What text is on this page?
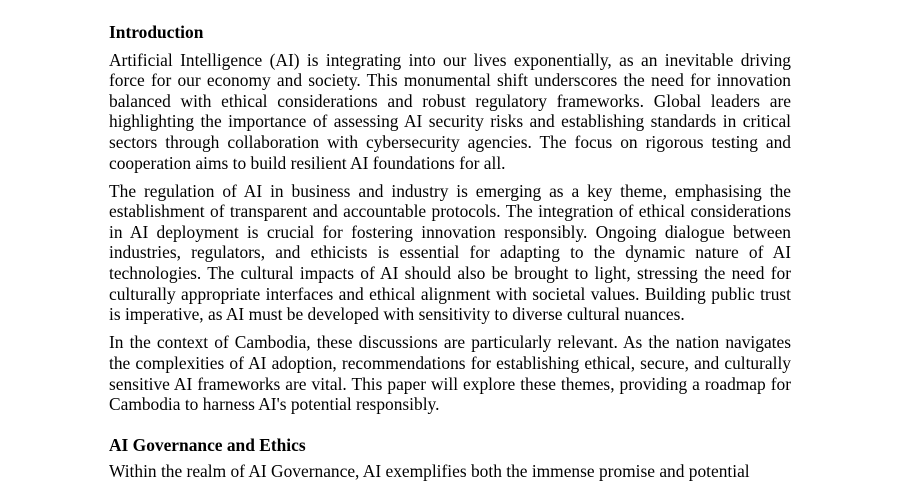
Introduction

Artificial Intelligence (AI) is integrating into our lives exponentially, as an inevitable driving force for our economy and society. This monumental shift underscores the need for innovation balanced with ethical considerations and robust regulatory frameworks. Global leaders are highlighting the importance of assessing AI security risks and establishing standards in critical sectors through collaboration with cybersecurity agencies. The focus on rigorous testing and cooperation aims to build resilient AI foundations for all.

The regulation of AI in business and industry is emerging as a key theme, emphasising the establishment of transparent and accountable protocols. The integration of ethical considerations in AI deployment is crucial for fostering innovation responsibly. Ongoing dialogue between industries, regulators, and ethicists is essential for adapting to the dynamic nature of AI technologies. The cultural impacts of AI should also be brought to light, stressing the need for culturally appropriate interfaces and ethical alignment with societal values. Building public trust is imperative, as AI must be developed with sensitivity to diverse cultural nuances.

In the context of Cambodia, these discussions are particularly relevant. As the nation navigates the complexities of AI adoption, recommendations for establishing ethical, secure, and culturally sensitive AI frameworks are vital. This paper will explore these themes, providing a roadmap for Cambodia to harness AI's potential responsibly.

AI Governance and Ethics

Within the realm of AI Governance, AI exemplifies both the immense promise and potential
